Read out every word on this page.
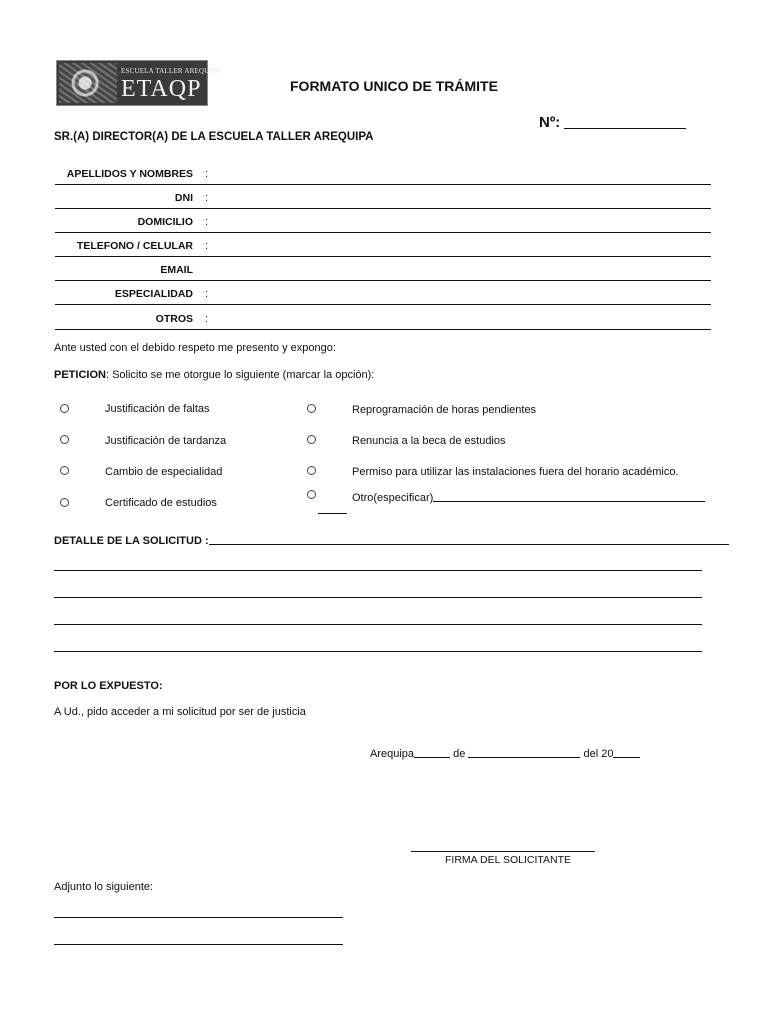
ESCUELA TALLER AREQUIPA
ETAQP	FORMATO UNICO DE TRÁMITE
Nº:
SR.(A) DIRECTOR(A) DE LA ESCUELA TALLER AREQUIPA
APELLIDOS Y NOMBRES :
DNI :
DOMICILIO :
TELEFONO / CELULAR :
EMAIL
ESPECIALIDAD :
OTROS :
Ante usted con el debido respeto me presento y expongo:
PETICION: Solicito se me otorgue lo siguiente (marcar la opción):
Justificación de faltas
Justificación de tardanza
Cambio de especialidad
Certificado de estudios
Reprogramación de horas pendientes
Renuncia a la beca de estudios
Permiso para utilizar las instalaciones fuera del horario académico.
Otro(especificar)
DETALLE DE LA SOLICITUD :
POR LO EXPUESTO:
A Ud., pido acceder a mi solicitud por ser de justicia
Arequipa	de	del 20
FIRMA DEL SOLICITANTE
Adjunto lo siguiente:
